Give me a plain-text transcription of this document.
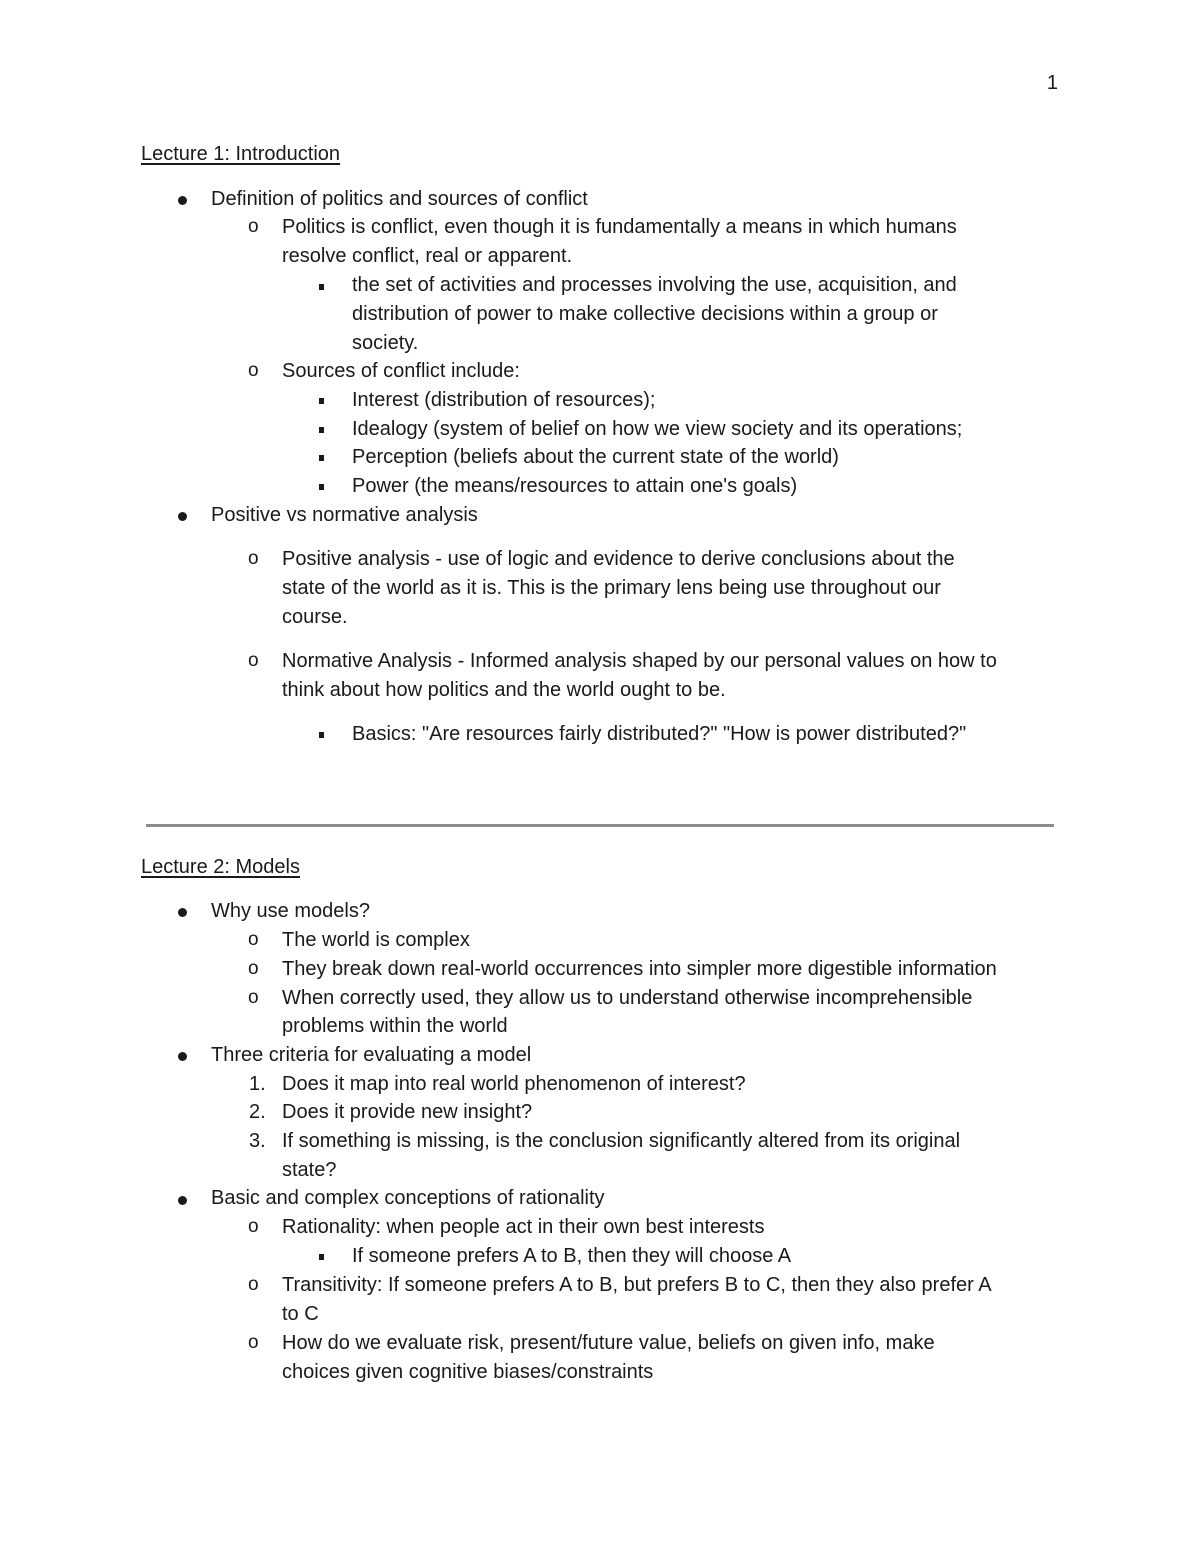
1
Lecture 1: Introduction
Definition of politics and sources of conflict
o Politics is conflict, even though it is fundamentally a means in which humans
resolve conflict, real or apparent.
the set of activities and processes involving the use, acquisition, and
distribution of power to make collective decisions within a group or
society.
o Sources of conflict include:
Interest (distribution of resources);
Idealogy (system of belief on how we view society and its operations;
Perception (beliefs about the current state of the world)
Power (the means/resources to attain one's goals)
Positive vs normative analysis
o Positive analysis - use of logic and evidence to derive conclusions about the
state of the world as it is. This is the primary lens being use throughout our
course.
o Normative Analysis - Informed analysis shaped by our personal values on how to
think about how politics and the world ought to be.
Basics: "Are resources fairly distributed?" "How is power distributed?"
Lecture 2: Models
Why use models?
o The world is complex
o They break down real-world occurrences into simpler more digestible information
o When correctly used, they allow us to understand otherwise incomprehensible
problems within the world
Three criteria for evaluating a model
1. Does it map into real world phenomenon of interest?
2. Does it provide new insight?
3. If something is missing, is the conclusion significantly altered from its original
state?
Basic and complex conceptions of rationality
o Rationality: when people act in their own best interests
If someone prefers A to B, then they will choose A
o Transitivity: If someone prefers A to B, but prefers B to C, then they also prefer A
to C
o How do we evaluate risk, present/future value, beliefs on given info, make
choices given cognitive biases/constraints
